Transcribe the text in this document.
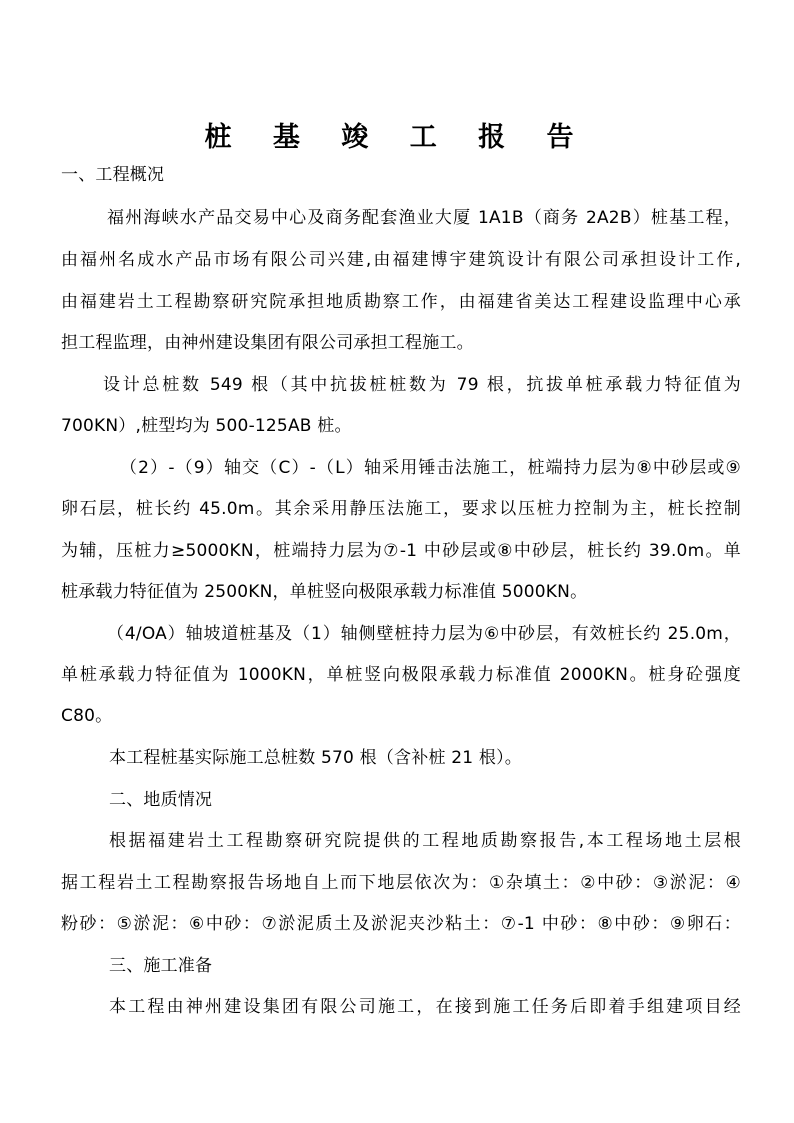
桩 基 竣 工 报 告
一、工程概况
福州海峡水产品交易中心及商务配套渔业大厦 1A1B（商务 2A2B）桩基工程，
由福州名成水产品市场有限公司兴建,由福建博宇建筑设计有限公司承担设计工作,
由福建岩土工程勘察研究院承担地质勘察工作，由福建省美达工程建设监理中心承
担工程监理，由神州建设集团有限公司承担工程施工。
设计总桩数 549 根（其中抗拔桩桩数为 79 根，抗拔单桩承载力特征值为
700KN）,桩型均为 500-125AB 桩。
（2）-（9）轴交（C）-（L）轴采用锤击法施工，桩端持力层为⑧中砂层或⑨
卵石层，桩长约 45.0m。其余采用静压法施工，要求以压桩力控制为主，桩长控制
为辅，压桩力≥5000KN，桩端持力层为⑦-1 中砂层或⑧中砂层，桩长约 39.0m。单
桩承载力特征值为 2500KN，单桩竖向极限承载力标准值 5000KN。
（4/OA）轴坡道桩基及（1）轴侧壁桩持力层为⑥中砂层，有效桩长约 25.0m，
单桩承载力特征值为 1000KN，单桩竖向极限承载力标准值 2000KN。桩身砼强度
C80。
本工程桩基实际施工总桩数 570 根（含补桩 21 根）。
二、地质情况
根据福建岩土工程勘察研究院提供的工程地质勘察报告,本工程场地土层根
据工程岩土工程勘察报告场地自上而下地层依次为：①杂填土：②中砂：③淤泥：④
粉砂：⑤淤泥：⑥中砂：⑦淤泥质土及淤泥夹沙粘土：⑦-1 中砂：⑧中砂：⑨卵石：
三、施工准备
本工程由神州建设集团有限公司施工，在接到施工任务后即着手组建项目经
